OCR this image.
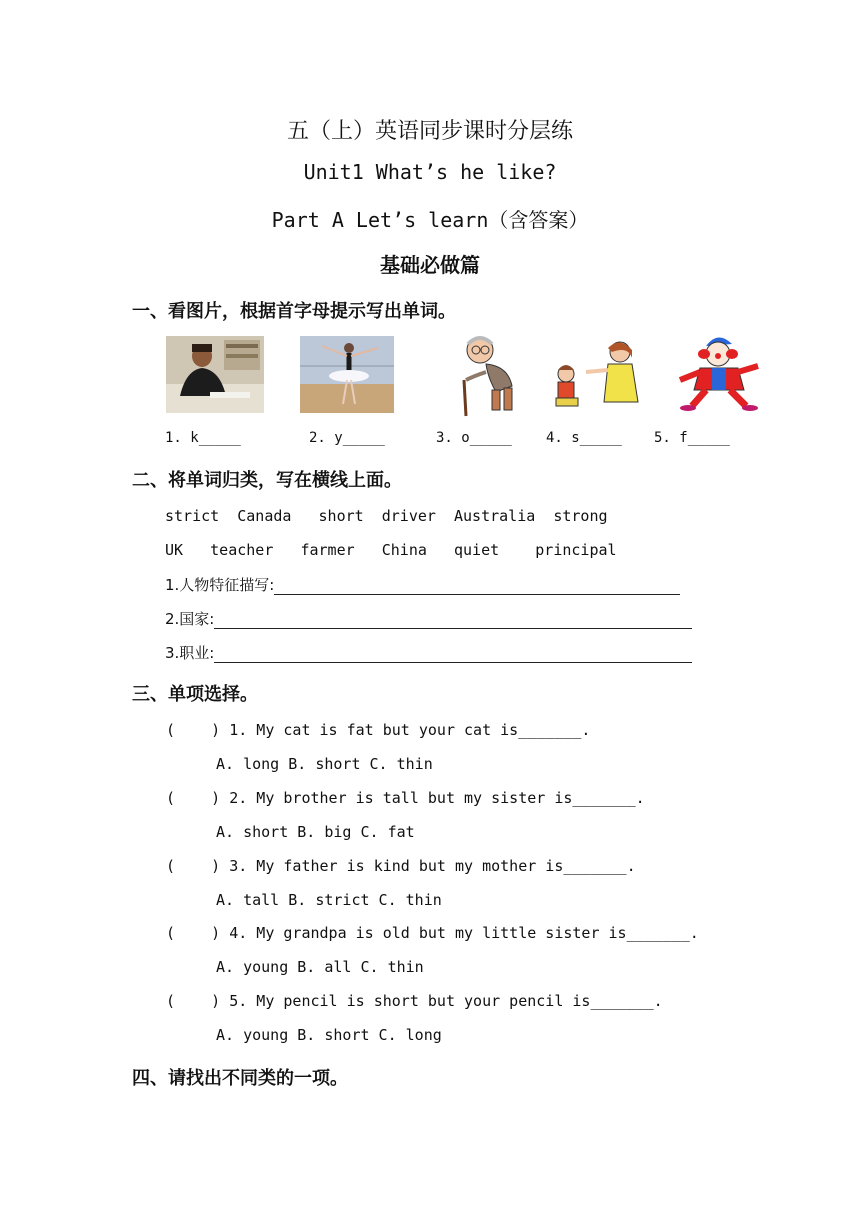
五（上）英语同步课时分层练
Unit1 What’s he like?
Part A Let’s learn（含答案）
基础必做篇
一、看图片，根据首字母提示写出单词。
1. k_____	2. y_____	3. o_____ 4. s_____ 5. f_____
二、将单词归类，写在横线上面。
strict  Canada   short  driver  Australia  strong
UK   teacher   farmer   China   quiet    principal
1.人物特征描写:
2.国家:
3.职业:
三、单项选择。
(    ) 1. My cat is fat but your cat is_______.
A. long B. short C. thin
(    ) 2. My brother is tall but my sister is_______.
A. short B. big C. fat
(    ) 3. My father is kind but my mother is_______.
A. tall B. strict C. thin
(    ) 4. My grandpa is old but my little sister is_______.
A. young B. all C. thin
(    ) 5. My pencil is short but your pencil is_______.
A. young B. short C. long
四、请找出不同类的一项。
